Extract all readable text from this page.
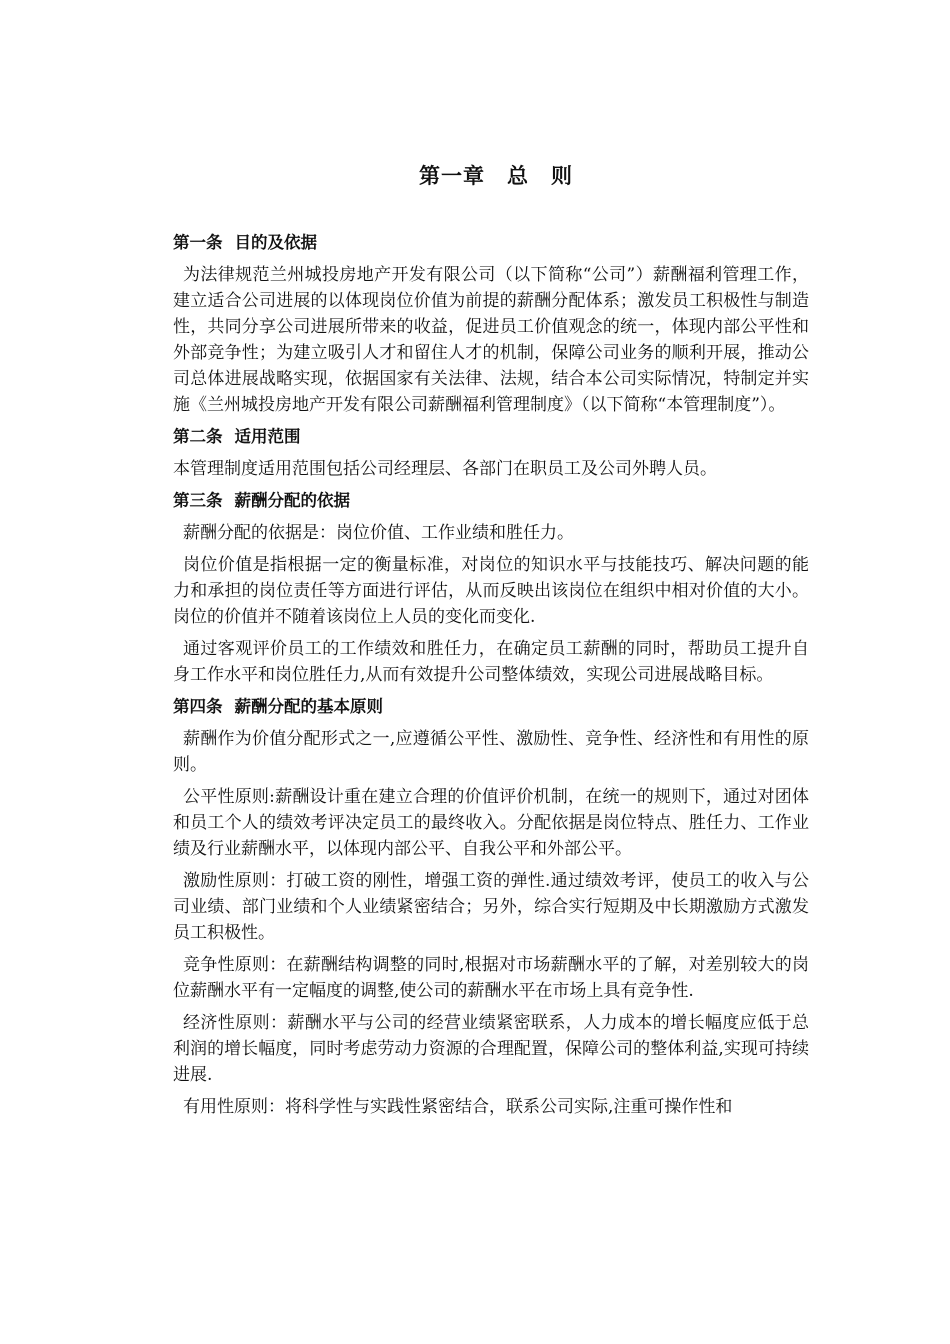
第一章 总　则
第一条 目的及依据

为法律规范兰州城投房地产开发有限公司（以下简称“公司”）薪酬福利管理工作，建立适合公司进展的以体现岗位价值为前提的薪酬分配体系；激发员工积极性与制造性，共同分享公司进展所带来的收益，促进员工价值观念的统一，体现内部公平性和外部竞争性；为建立吸引人才和留住人才的机制，保障公司业务的顺利开展，推动公司总体进展战略实现，依据国家有关法律、法规，结合本公司实际情况，特制定并实施《兰州城投房地产开发有限公司薪酬福利管理制度》（以下简称“本管理制度”）。

第二条 适用范围

本管理制度适用范围包括公司经理层、各部门在职员工及公司外聘人员。

第三条 薪酬分配的依据

薪酬分配的依据是：岗位价值、工作业绩和胜任力。

岗位价值是指根据一定的衡量标准，对岗位的知识水平与技能技巧、解决问题的能力和承担的岗位责任等方面进行评估，从而反映出该岗位在组织中相对价值的大小。岗位的价值并不随着该岗位上人员的变化而变化.

通过客观评价员工的工作绩效和胜任力，在确定员工薪酬的同时，帮助员工提升自身工作水平和岗位胜任力,从而有效提升公司整体绩效，实现公司进展战略目标。

第四条 薪酬分配的基本原则

薪酬作为价值分配形式之一,应遵循公平性、激励性、竞争性、经济性和有用性的原则。

公平性原则:薪酬设计重在建立合理的价值评价机制，在统一的规则下，通过对团体和员工个人的绩效考评决定员工的最终收入。分配依据是岗位特点、胜任力、工作业绩及行业薪酬水平，以体现内部公平、自我公平和外部公平。

激励性原则：打破工资的刚性，增强工资的弹性.通过绩效考评，使员工的收入与公司业绩、部门业绩和个人业绩紧密结合；另外，综合实行短期及中长期激励方式激发员工积极性。

竞争性原则：在薪酬结构调整的同时,根据对市场薪酬水平的了解，对差别较大的岗位薪酬水平有一定幅度的调整,使公司的薪酬水平在市场上具有竞争性.

经济性原则：薪酬水平与公司的经营业绩紧密联系，人力成本的增长幅度应低于总利润的增长幅度，同时考虑劳动力资源的合理配置，保障公司的整体利益,实现可持续进展.

有用性原则：将科学性与实践性紧密结合，联系公司实际,注重可操作性和
